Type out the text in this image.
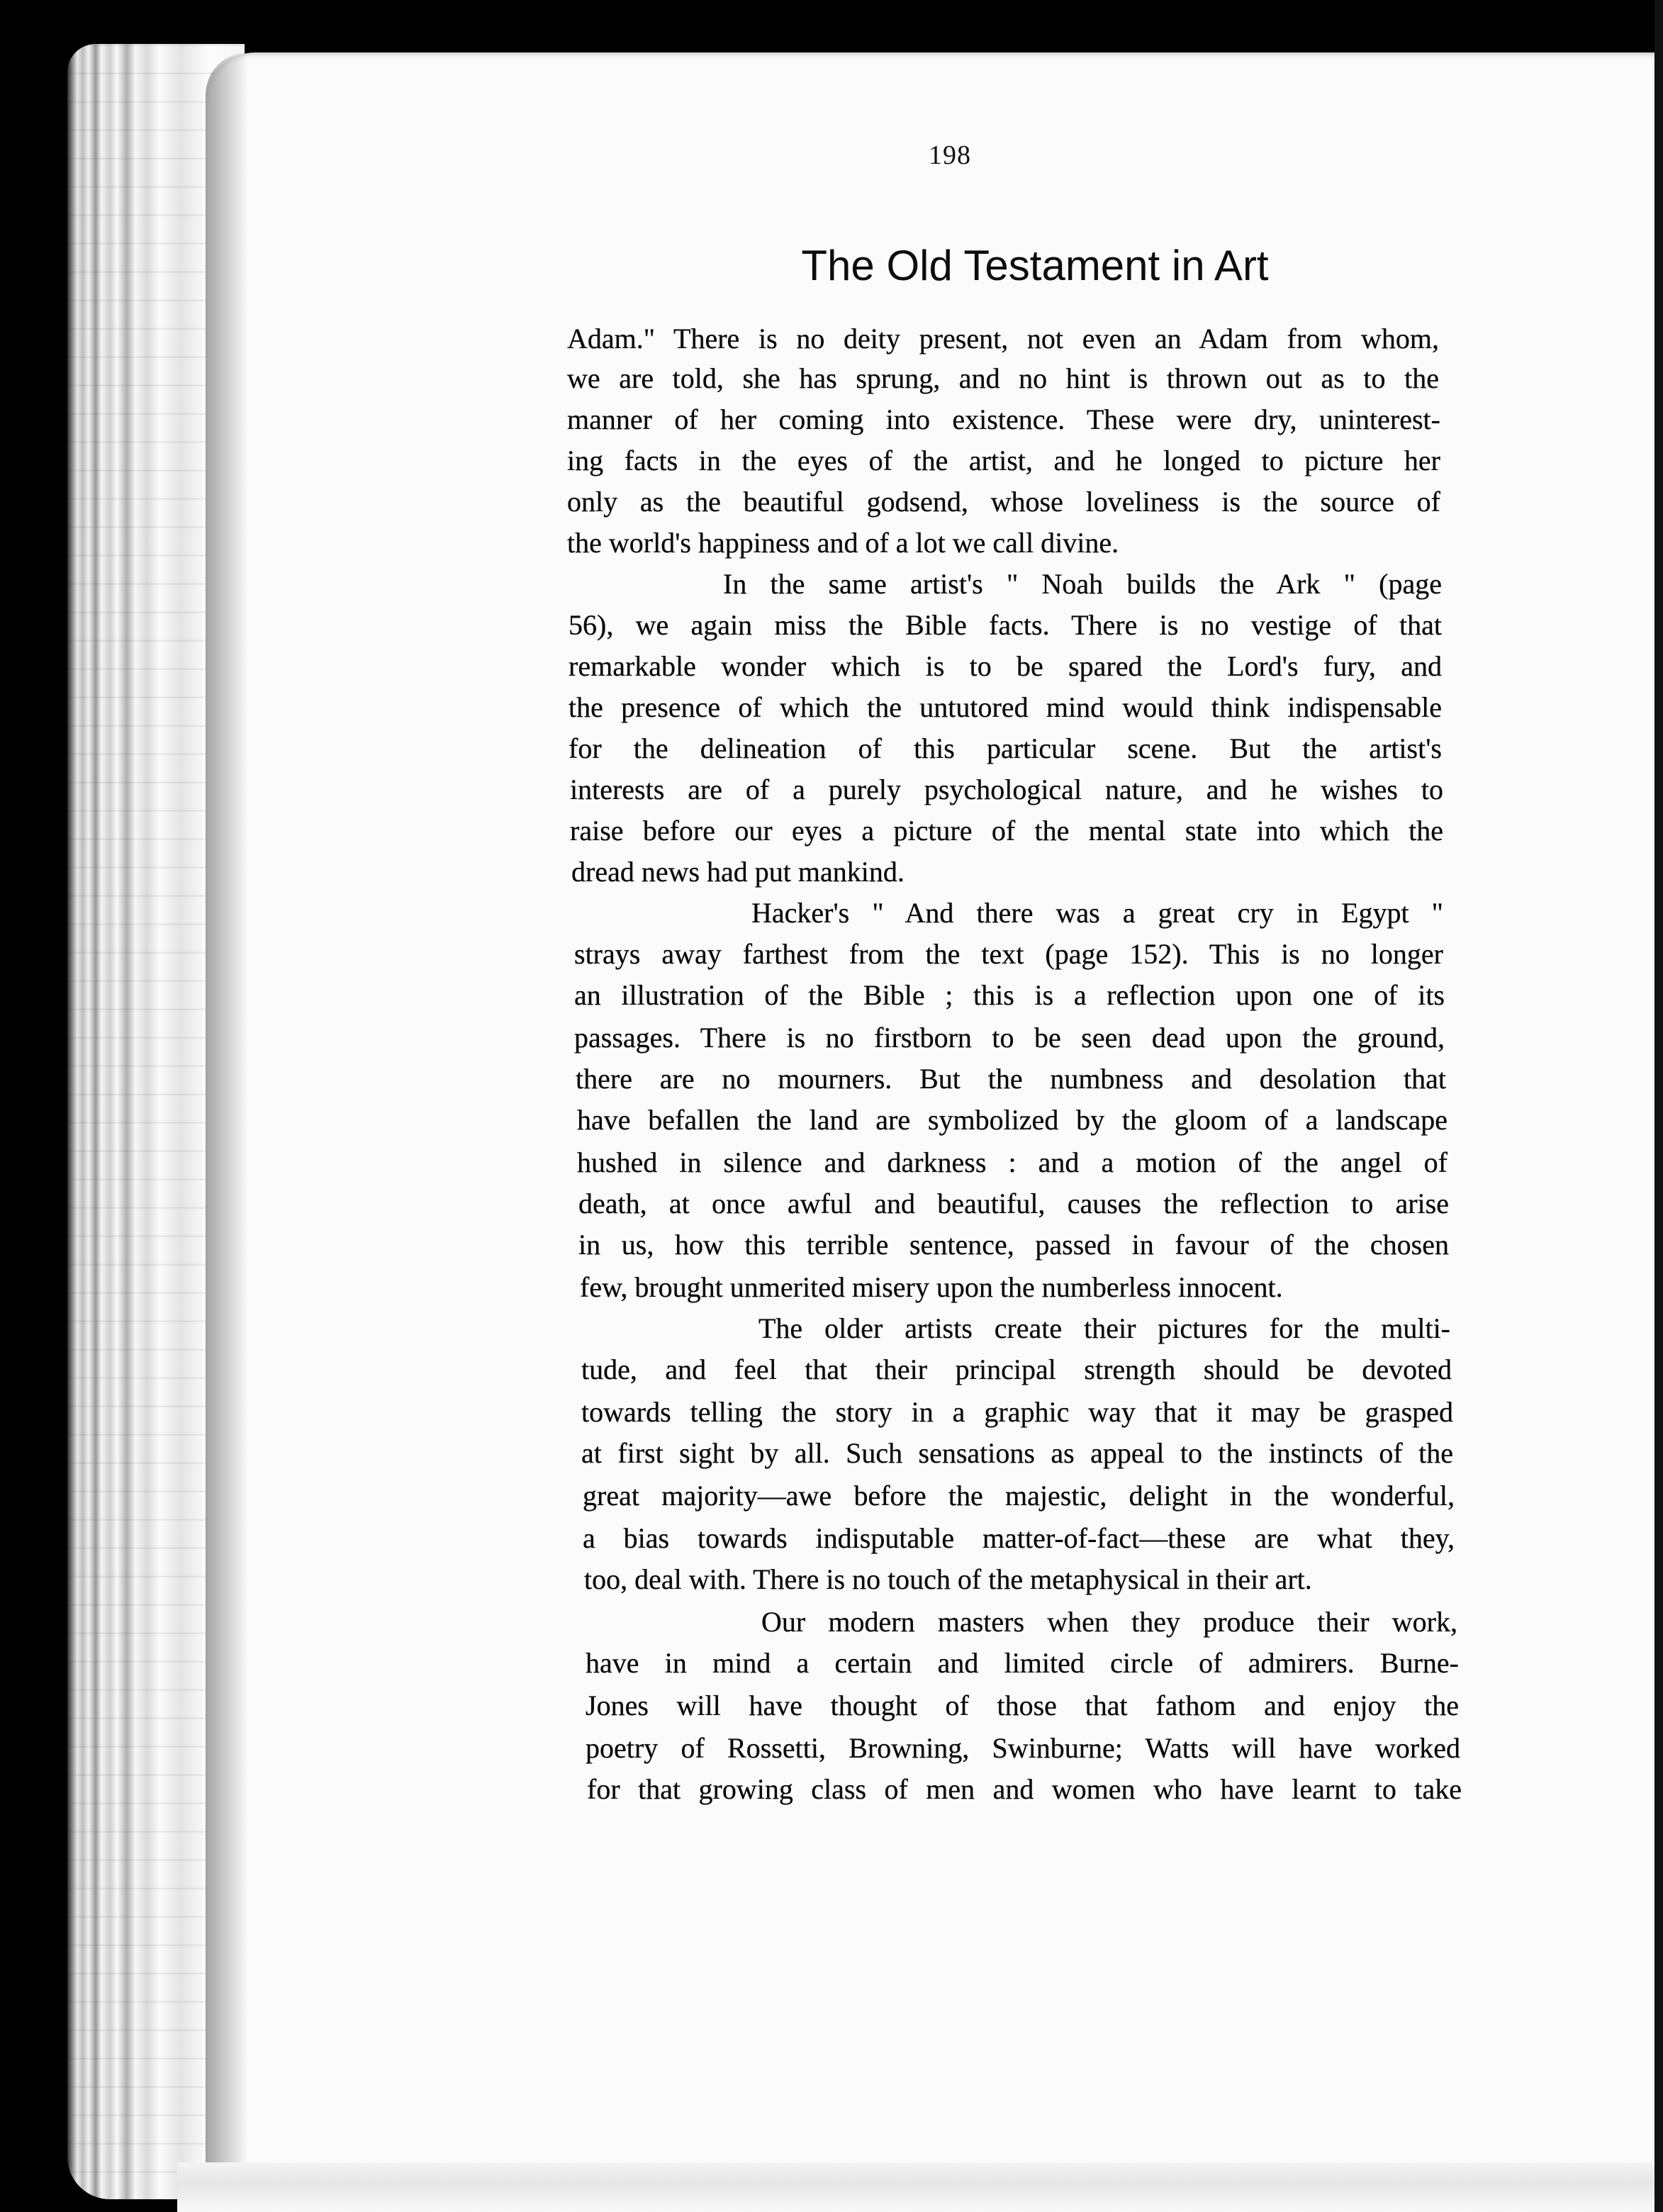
198
The Old Testament in Art
Adam." There is no deity present, not even an Adam from whom,
we are told, she has sprung, and no hint is thrown out as to the
manner of her coming into existence. These were dry, uninterest-
ing facts in the eyes of the artist, and he longed to picture her
only as the beautiful godsend, whose loveliness is the source of
the world's happiness and of a lot we call divine.
In the same artist's " Noah builds the Ark " (page
56), we again miss the Bible facts. There is no vestige of that
remarkable wonder which is to be spared the Lord's fury, and
the presence of which the untutored mind would think indispensable
for the delineation of this particular scene. But the artist's
interests are of a purely psychological nature, and he wishes to
raise before our eyes a picture of the mental state into which the
dread news had put mankind.
Hacker's " And there was a great cry in Egypt "
strays away farthest from the text (page 152). This is no longer
an illustration of the Bible ; this is a reflection upon one of its
passages. There is no firstborn to be seen dead upon the ground,
there are no mourners. But the numbness and desolation that
have befallen the land are symbolized by the gloom of a landscape
hushed in silence and darkness : and a motion of the angel of
death, at once awful and beautiful, causes the reflection to arise
in us, how this terrible sentence, passed in favour of the chosen
few, brought unmerited misery upon the numberless innocent.
The older artists create their pictures for the multi-
tude, and feel that their principal strength should be devoted
towards telling the story in a graphic way that it may be grasped
at first sight by all. Such sensations as appeal to the instincts of the
great majority—awe before the majestic, delight in the wonderful,
a bias towards indisputable matter-of-fact—these are what they,
too, deal with. There is no touch of the metaphysical in their art.
Our modern masters when they produce their work,
have in mind a certain and limited circle of admirers. Burne-
Jones will have thought of those that fathom and enjoy the
poetry of Rossetti, Browning, Swinburne; Watts will have worked
for that growing class of men and women who have learnt to take
